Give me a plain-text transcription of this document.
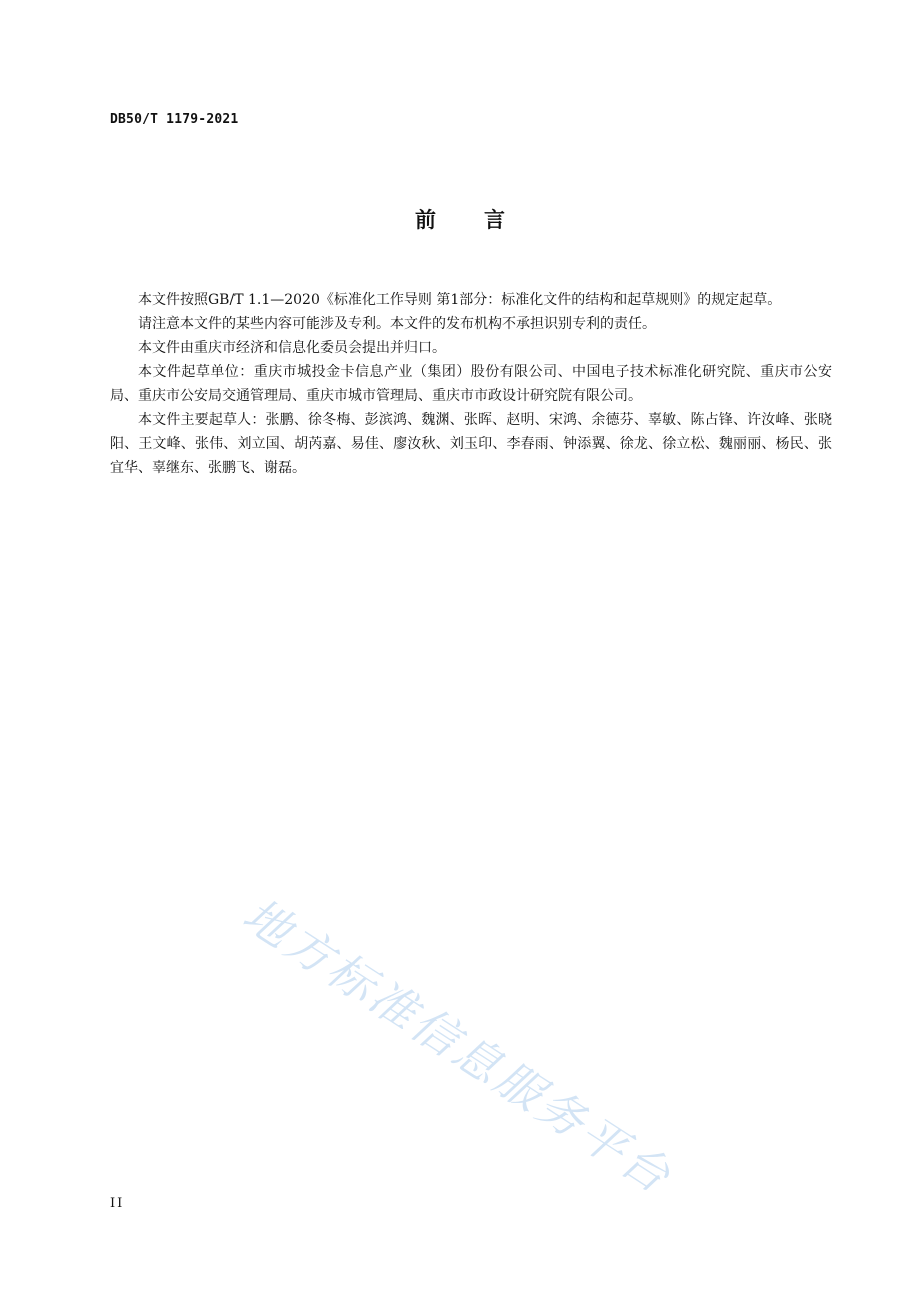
DB50/T 1179-2021
前言

本文件按照GB/T 1.1—2020《标准化工作导则 第1部分：标准化文件的结构和起草规则》的规定起草。

请注意本文件的某些内容可能涉及专利。本文件的发布机构不承担识别专利的责任。

本文件由重庆市经济和信息化委员会提出并归口。

本文件起草单位：重庆市城投金卡信息产业（集团）股份有限公司、中国电子技术标准化研究院、重庆市公安局、重庆市公安局交通管理局、重庆市城市管理局、重庆市市政设计研究院有限公司。

本文件主要起草人：张鹏、徐冬梅、彭滨鸿、魏渊、张晖、赵明、宋鸿、余德芬、辜敏、陈占锋、许汝峰、张晓阳、王文峰、张伟、刘立国、胡芮嘉、易佳、廖汝秋、刘玉印、李春雨、钟添翼、徐龙、徐立松、魏丽丽、杨民、张宜华、辜继东、张鹏飞、谢磊。

地方标准信息服务平台
II
